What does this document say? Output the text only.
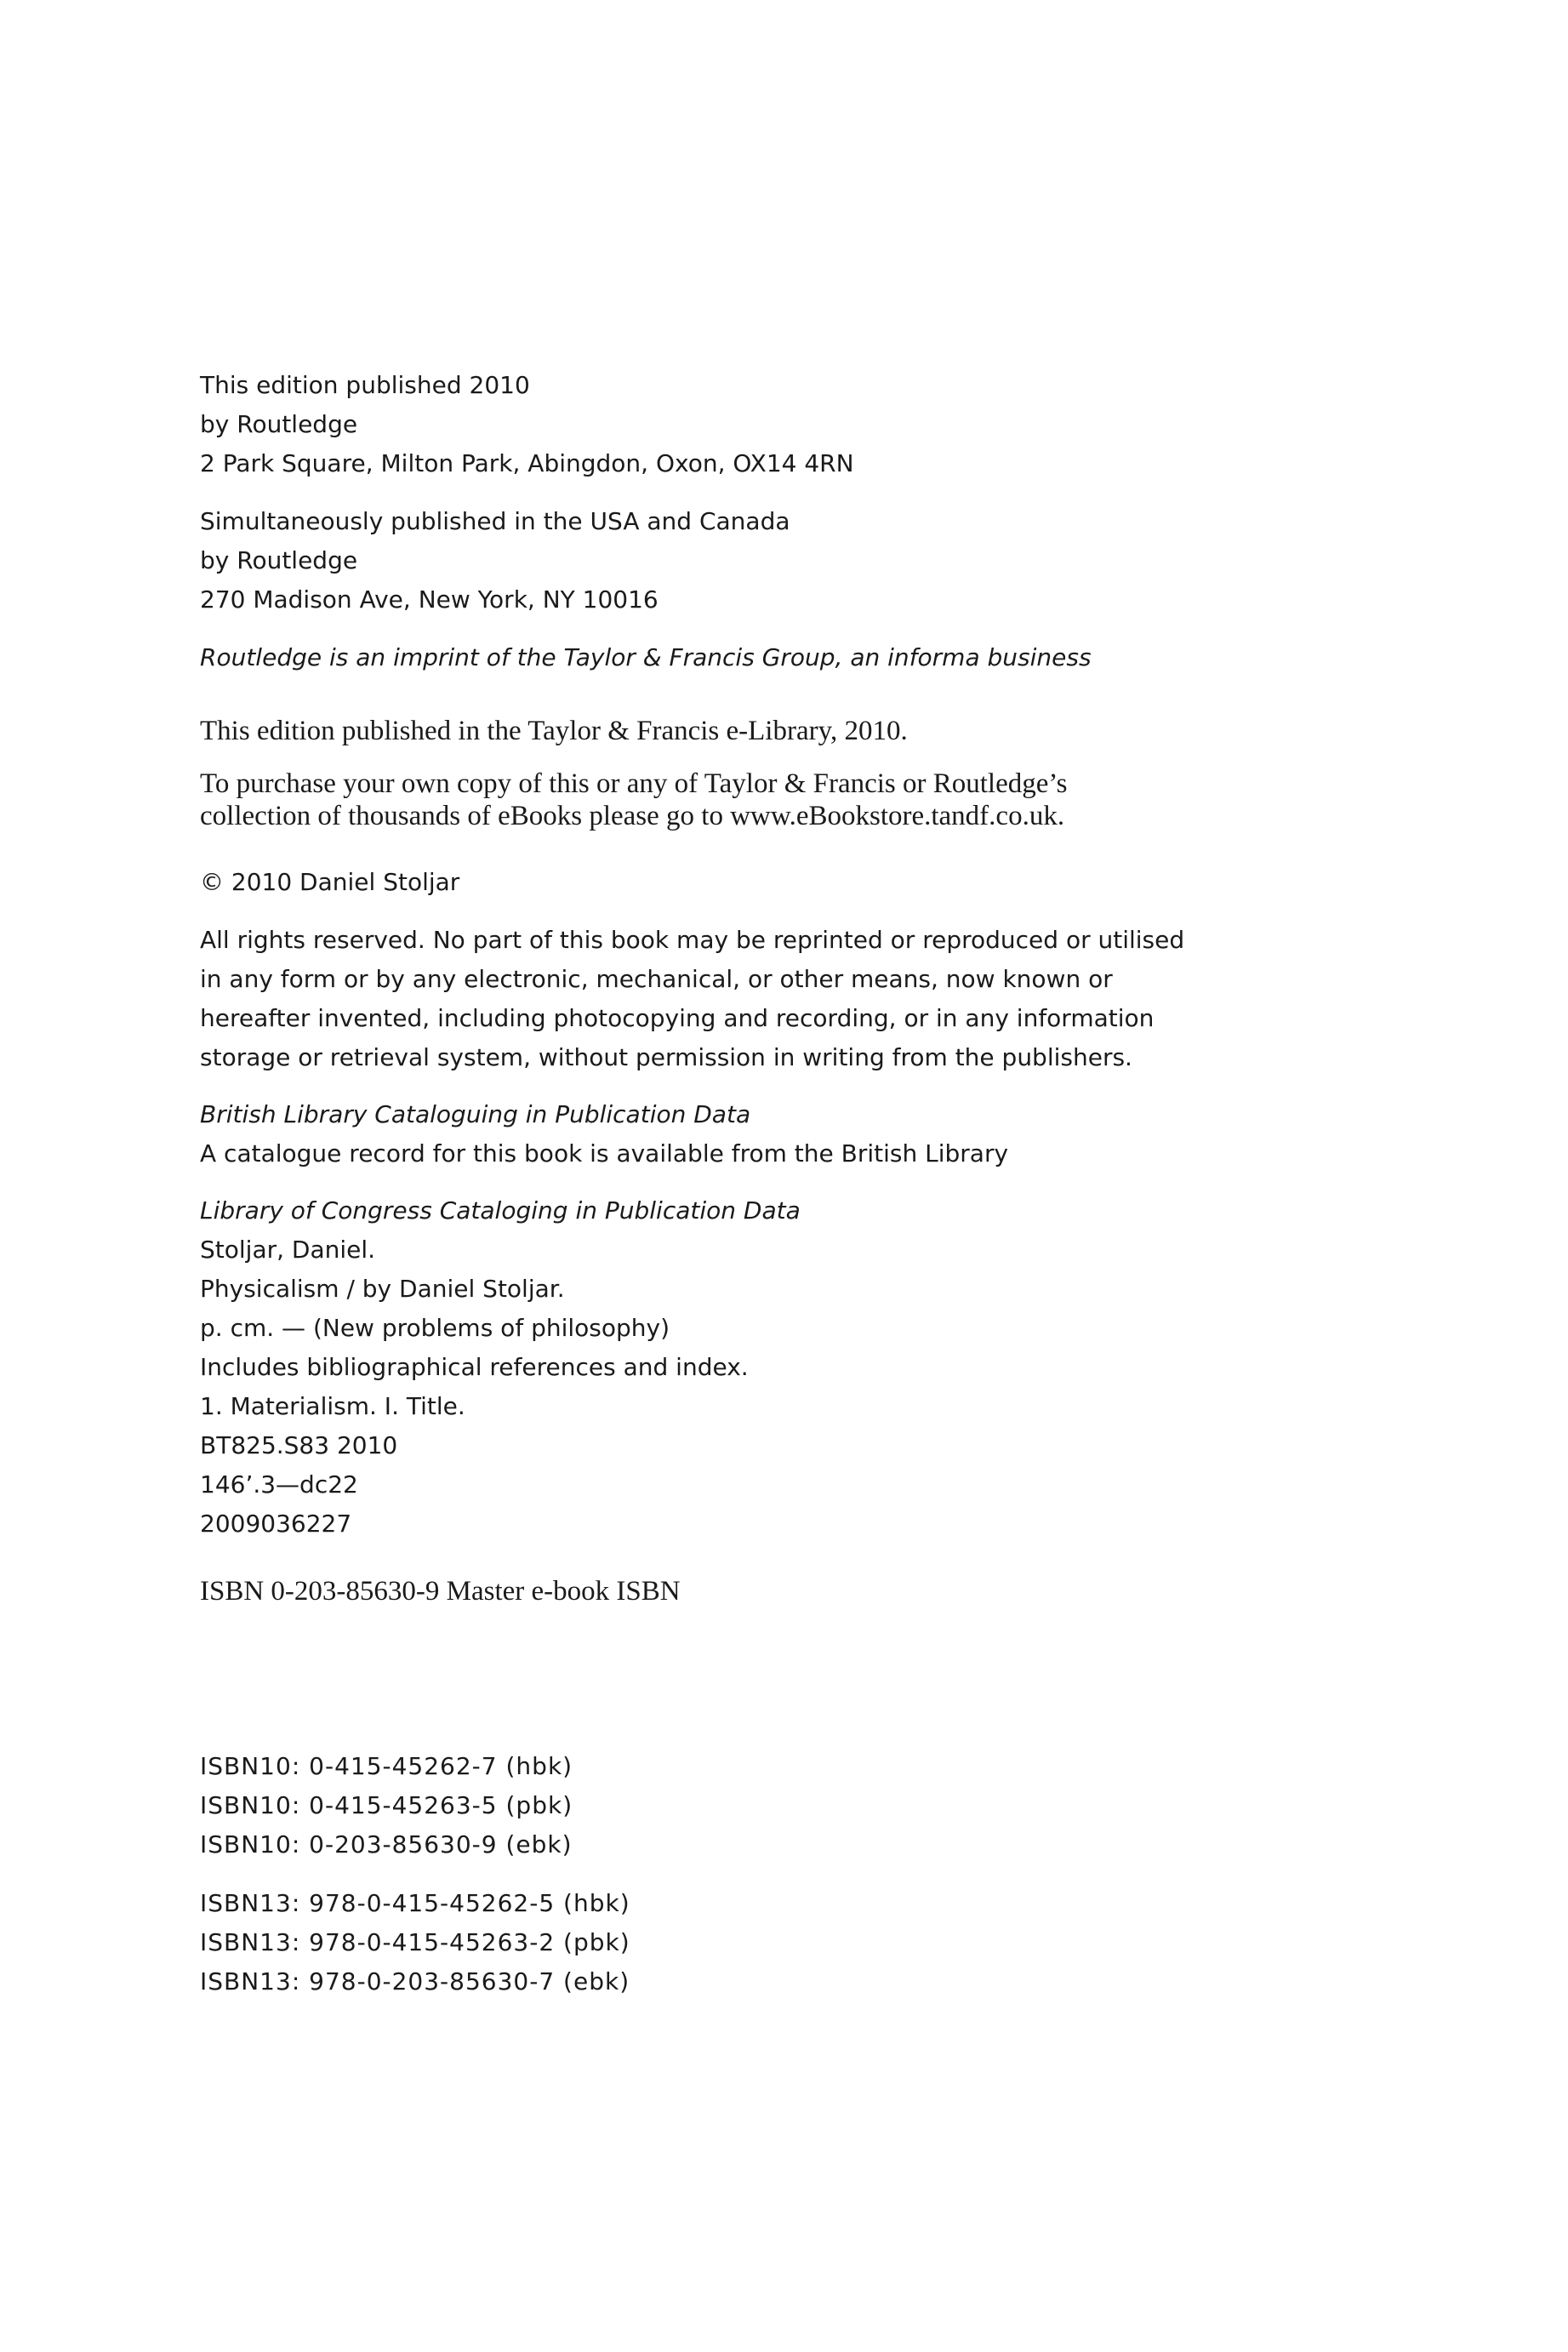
This edition published 2010

by Routledge

2 Park Square, Milton Park, Abingdon, Oxon, OX14 4RN

Simultaneously published in the USA and Canada

by Routledge

270 Madison Ave, New York, NY 10016

Routledge is an imprint of the Taylor & Francis Group, an informa business

This edition published in the Taylor & Francis e-Library, 2010.

To purchase your own copy of this or any of Taylor & Francis or Routledge’s

collection of thousands of eBooks please go to www.eBookstore.tandf.co.uk.

© 2010 Daniel Stoljar

All rights reserved. No part of this book may be reprinted or reproduced or utilised

in any form or by any electronic, mechanical, or other means, now known or

hereafter invented, including photocopying and recording, or in any information

storage or retrieval system, without permission in writing from the publishers.

British Library Cataloguing in Publication Data

A catalogue record for this book is available from the British Library

Library of Congress Cataloging in Publication Data

Stoljar, Daniel.

Physicalism / by Daniel Stoljar.

p. cm. — (New problems of philosophy)

Includes bibliographical references and index.

1. Materialism. I. Title.

BT825.S83 2010

146’.3—dc22

2009036227

ISBN 0-203-85630-9 Master e-book ISBN

ISBN10: 0-415-45262-7 (hbk)

ISBN10: 0-415-45263-5 (pbk)

ISBN10: 0-203-85630-9 (ebk)

ISBN13: 978-0-415-45262-5 (hbk)

ISBN13: 978-0-415-45263-2 (pbk)

ISBN13: 978-0-203-85630-7 (ebk)
